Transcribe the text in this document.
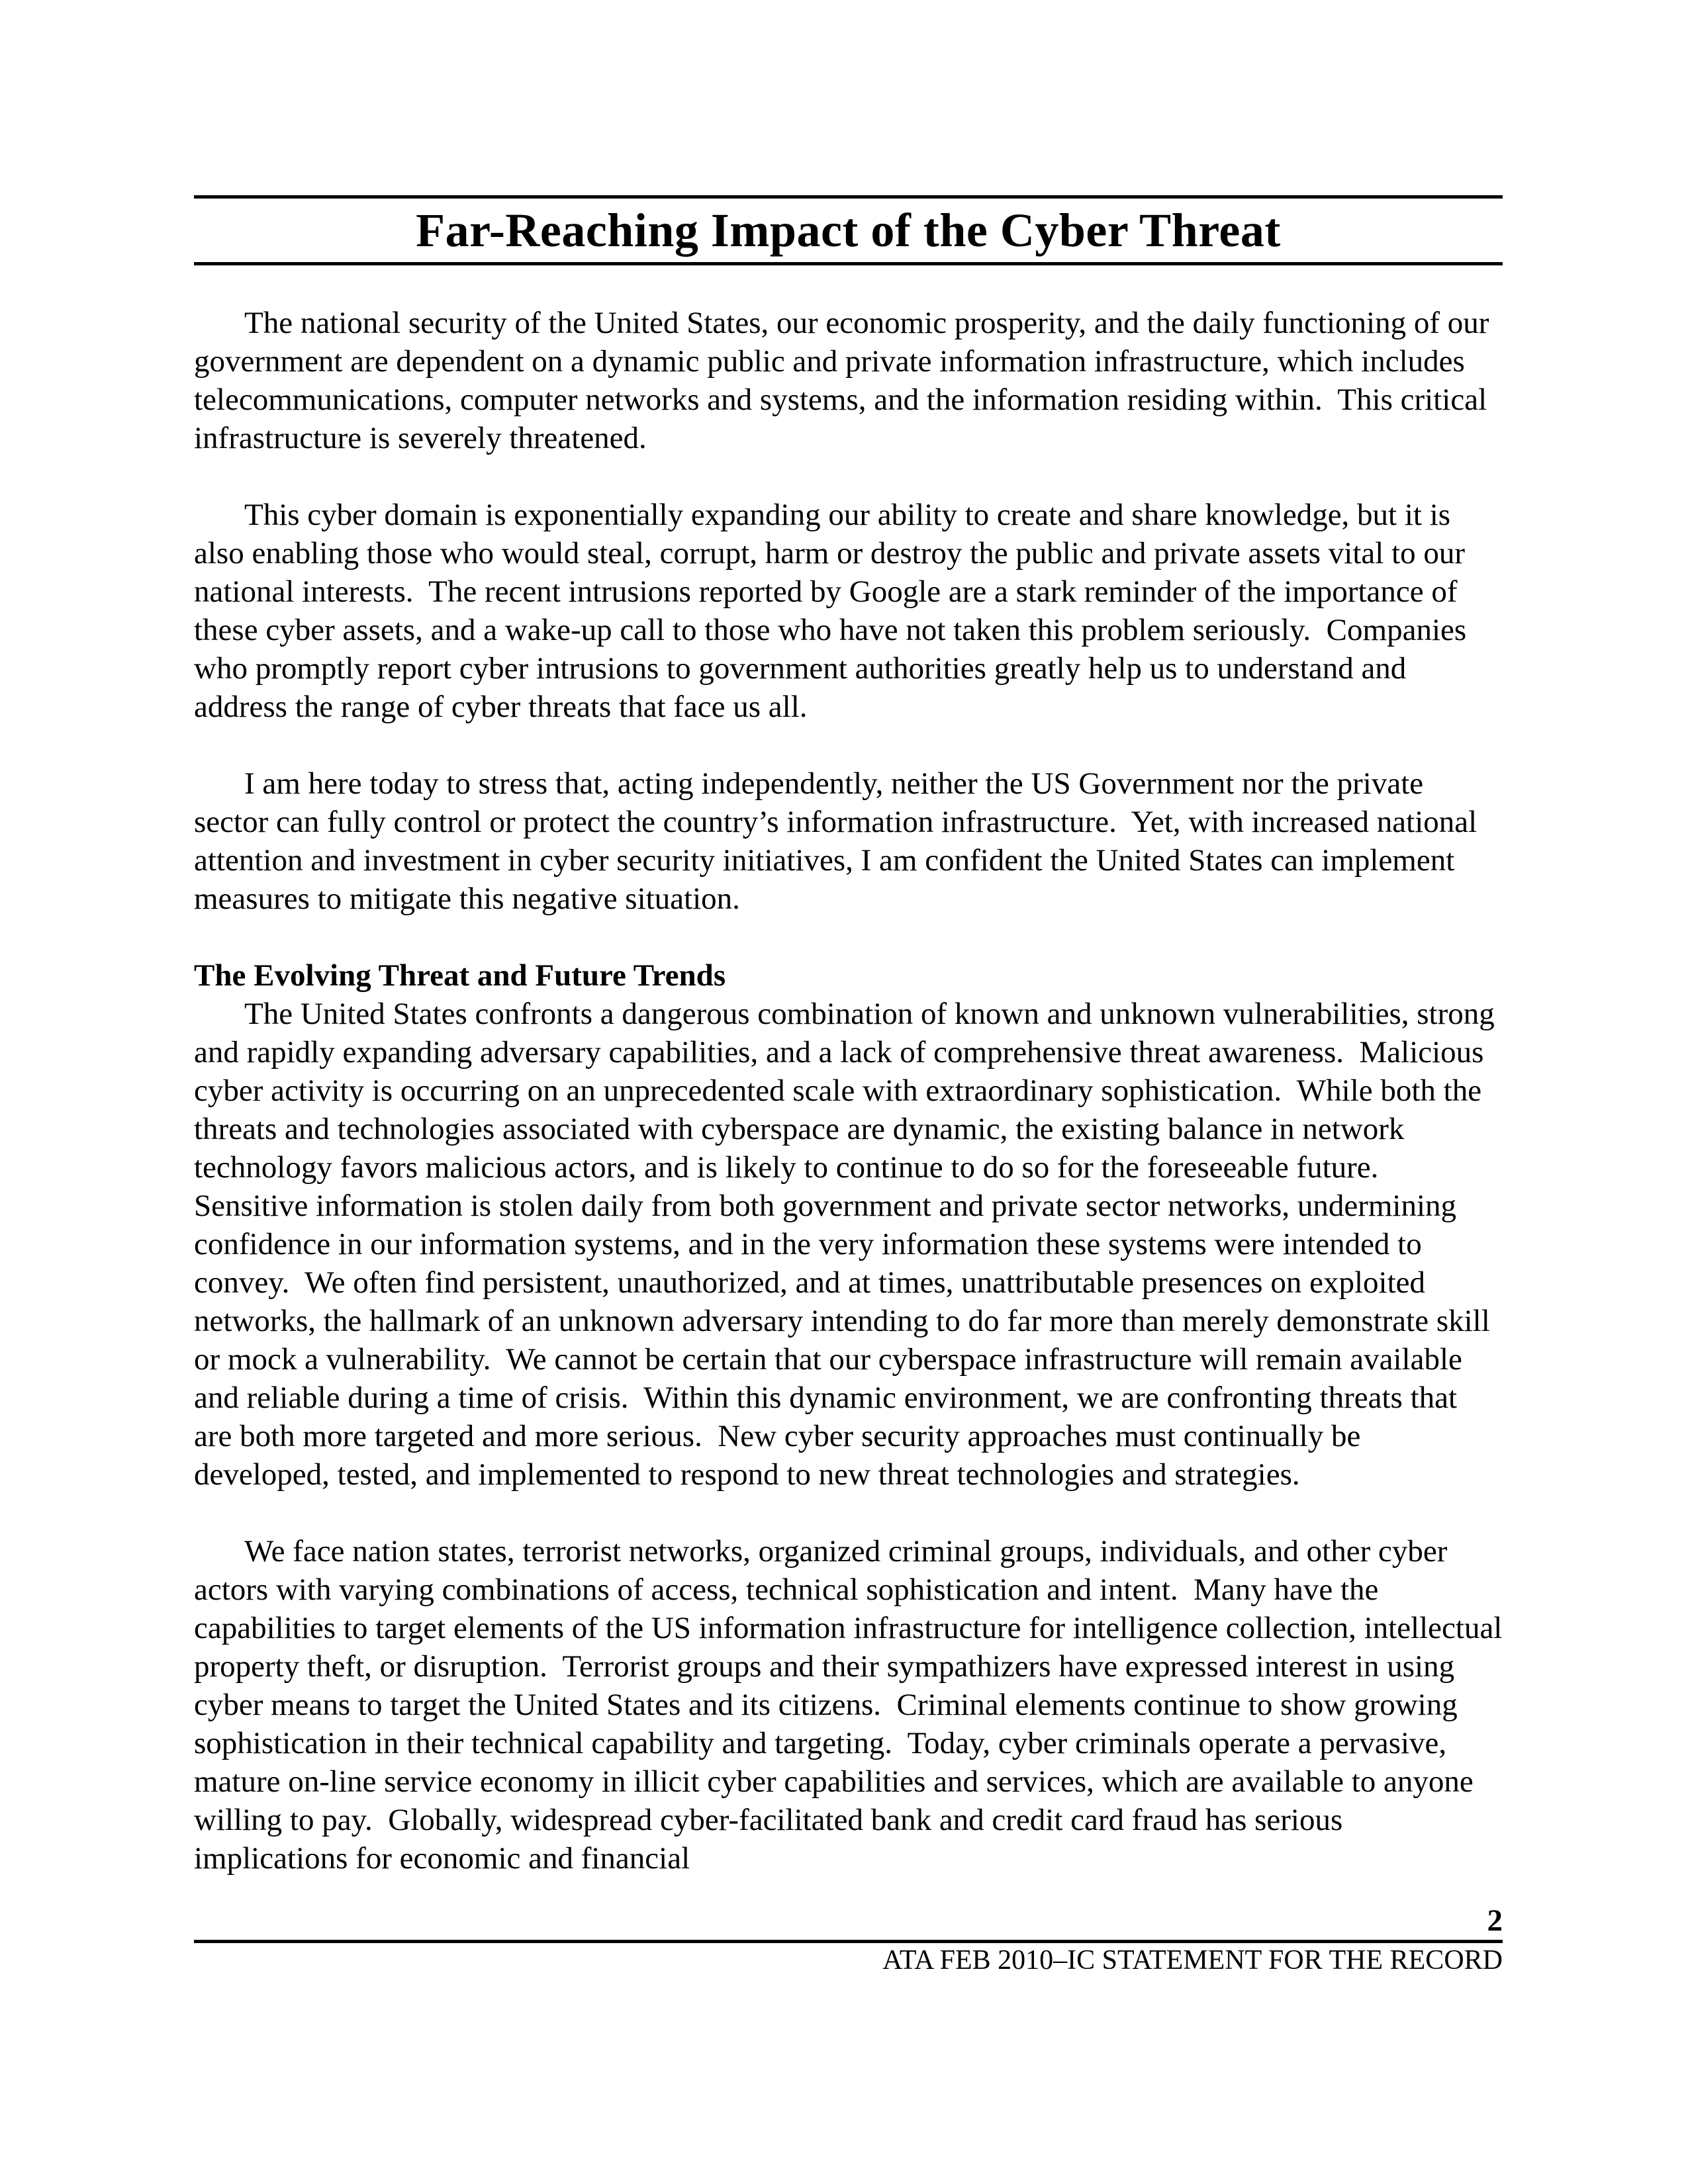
Far-Reaching Impact of the Cyber Threat

The national security of the United States, our economic prosperity, and the daily functioning of our government are dependent on a dynamic public and private information infrastructure, which includes telecommunications, computer networks and systems, and the information residing within.  This critical infrastructure is severely threatened.

This cyber domain is exponentially expanding our ability to create and share knowledge, but it is also enabling those who would steal, corrupt, harm or destroy the public and private assets vital to our national interests.  The recent intrusions reported by Google are a stark reminder of the importance of these cyber assets, and a wake-up call to those who have not taken this problem seriously.  Companies who promptly report cyber intrusions to government authorities greatly help us to understand and address the range of cyber threats that face us all.

I am here today to stress that, acting independently, neither the US Government nor the private sector can fully control or protect the country’s information infrastructure.  Yet, with increased national attention and investment in cyber security initiatives, I am confident the United States can implement measures to mitigate this negative situation.

The Evolving Threat and Future Trends

The United States confronts a dangerous combination of known and unknown vulnerabilities, strong and rapidly expanding adversary capabilities, and a lack of comprehensive threat awareness.  Malicious cyber activity is occurring on an unprecedented scale with extraordinary sophistication.  While both the threats and technologies associated with cyberspace are dynamic, the existing balance in network technology favors malicious actors, and is likely to continue to do so for the foreseeable future.  Sensitive information is stolen daily from both government and private sector networks, undermining confidence in our information systems, and in the very information these systems were intended to convey.  We often find persistent, unauthorized, and at times, unattributable presences on exploited networks, the hallmark of an unknown adversary intending to do far more than merely demonstrate skill or mock a vulnerability.  We cannot be certain that our cyberspace infrastructure will remain available and reliable during a time of crisis.  Within this dynamic environment, we are confronting threats that are both more targeted and more serious.  New cyber security approaches must continually be developed, tested, and implemented to respond to new threat technologies and strategies.

We face nation states, terrorist networks, organized criminal groups, individuals, and other cyber actors with varying combinations of access, technical sophistication and intent.  Many have the capabilities to target elements of the US information infrastructure for intelligence collection, intellectual property theft, or disruption.  Terrorist groups and their sympathizers have expressed interest in using cyber means to target the United States and its citizens.  Criminal elements continue to show growing sophistication in their technical capability and targeting.  Today, cyber criminals operate a pervasive, mature on-line service economy in illicit cyber capabilities and services, which are available to anyone willing to pay.  Globally, widespread cyber-facilitated bank and credit card fraud has serious implications for economic and financial

2
ATA FEB 2010–IC STATEMENT FOR THE RECORD
